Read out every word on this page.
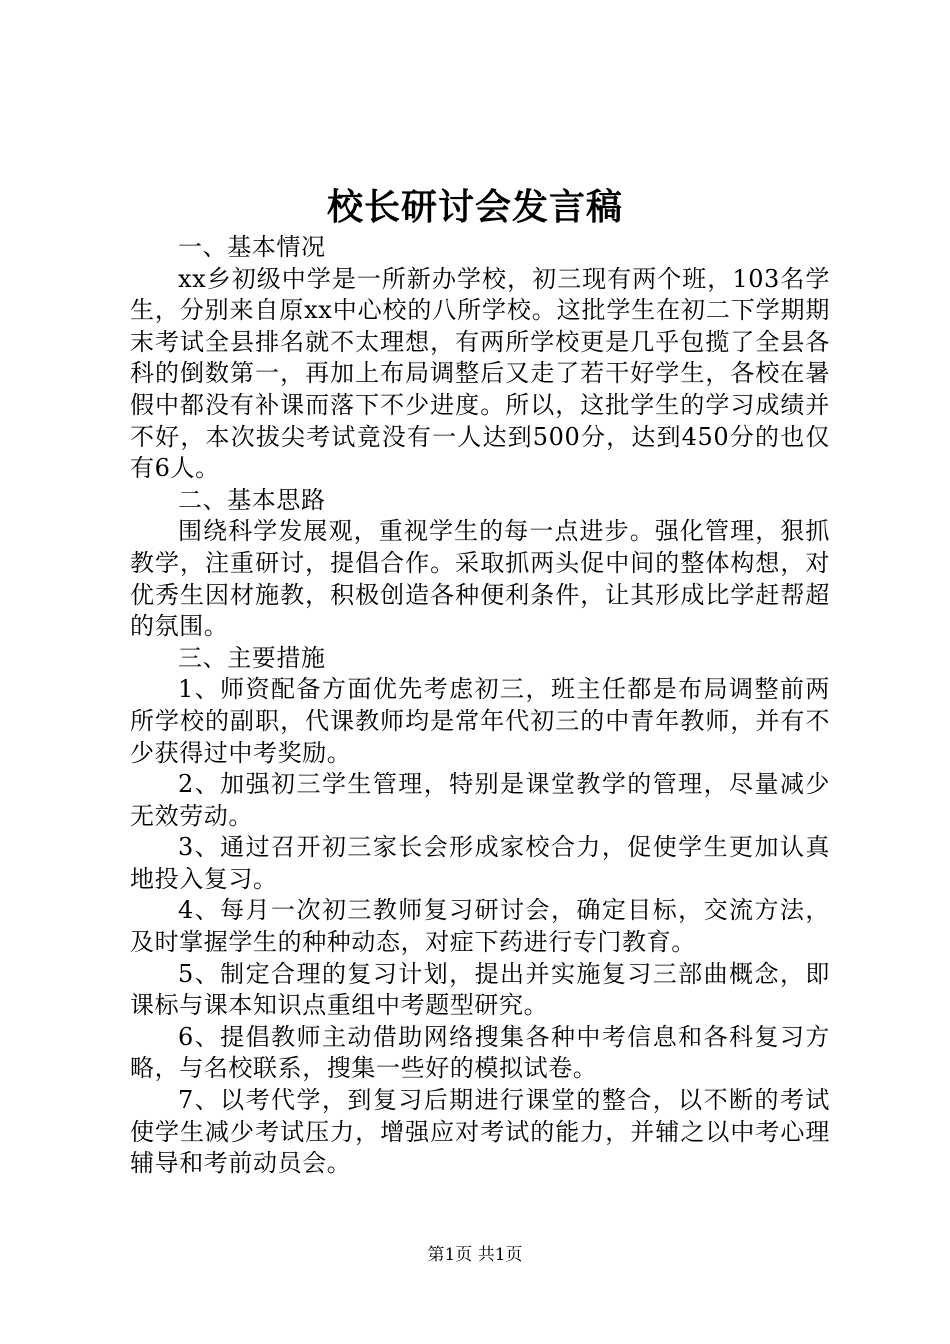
校长研讨会发言稿

一、基本情况

xx乡初级中学是一所新办学校，初三现有两个班，103名学生，分别来自原xx中心校的八所学校。这批学生在初二下学期期末考试全县排名就不太理想，有两所学校更是几乎包揽了全县各科的倒数第一，再加上布局调整后又走了若干好学生，各校在暑假中都没有补课而落下不少进度。所以，这批学生的学习成绩并不好，本次拔尖考试竟没有一人达到500分，达到450分的也仅有6人。

二、基本思路

围绕科学发展观，重视学生的每一点进步。强化管理，狠抓教学，注重研讨，提倡合作。采取抓两头促中间的整体构想，对优秀生因材施教，积极创造各种便利条件，让其形成比学赶帮超的氛围。

三、主要措施

1、师资配备方面优先考虑初三，班主任都是布局调整前两所学校的副职，代课教师均是常年代初三的中青年教师，并有不少获得过中考奖励。

2、加强初三学生管理，特别是课堂教学的管理，尽量减少无效劳动。

3、通过召开初三家长会形成家校合力，促使学生更加认真地投入复习。

4、每月一次初三教师复习研讨会，确定目标，交流方法，及时掌握学生的种种动态，对症下药进行专门教育。

5、制定合理的复习计划，提出并实施复习三部曲概念，即课标与课本知识点重组中考题型研究。

6、提倡教师主动借助网络搜集各种中考信息和各科复习方略，与名校联系，搜集一些好的模拟试卷。

7、以考代学，到复习后期进行课堂的整合，以不断的考试使学生减少考试压力，增强应对考试的能力，并辅之以中考心理辅导和考前动员会。

第1页 共1页
